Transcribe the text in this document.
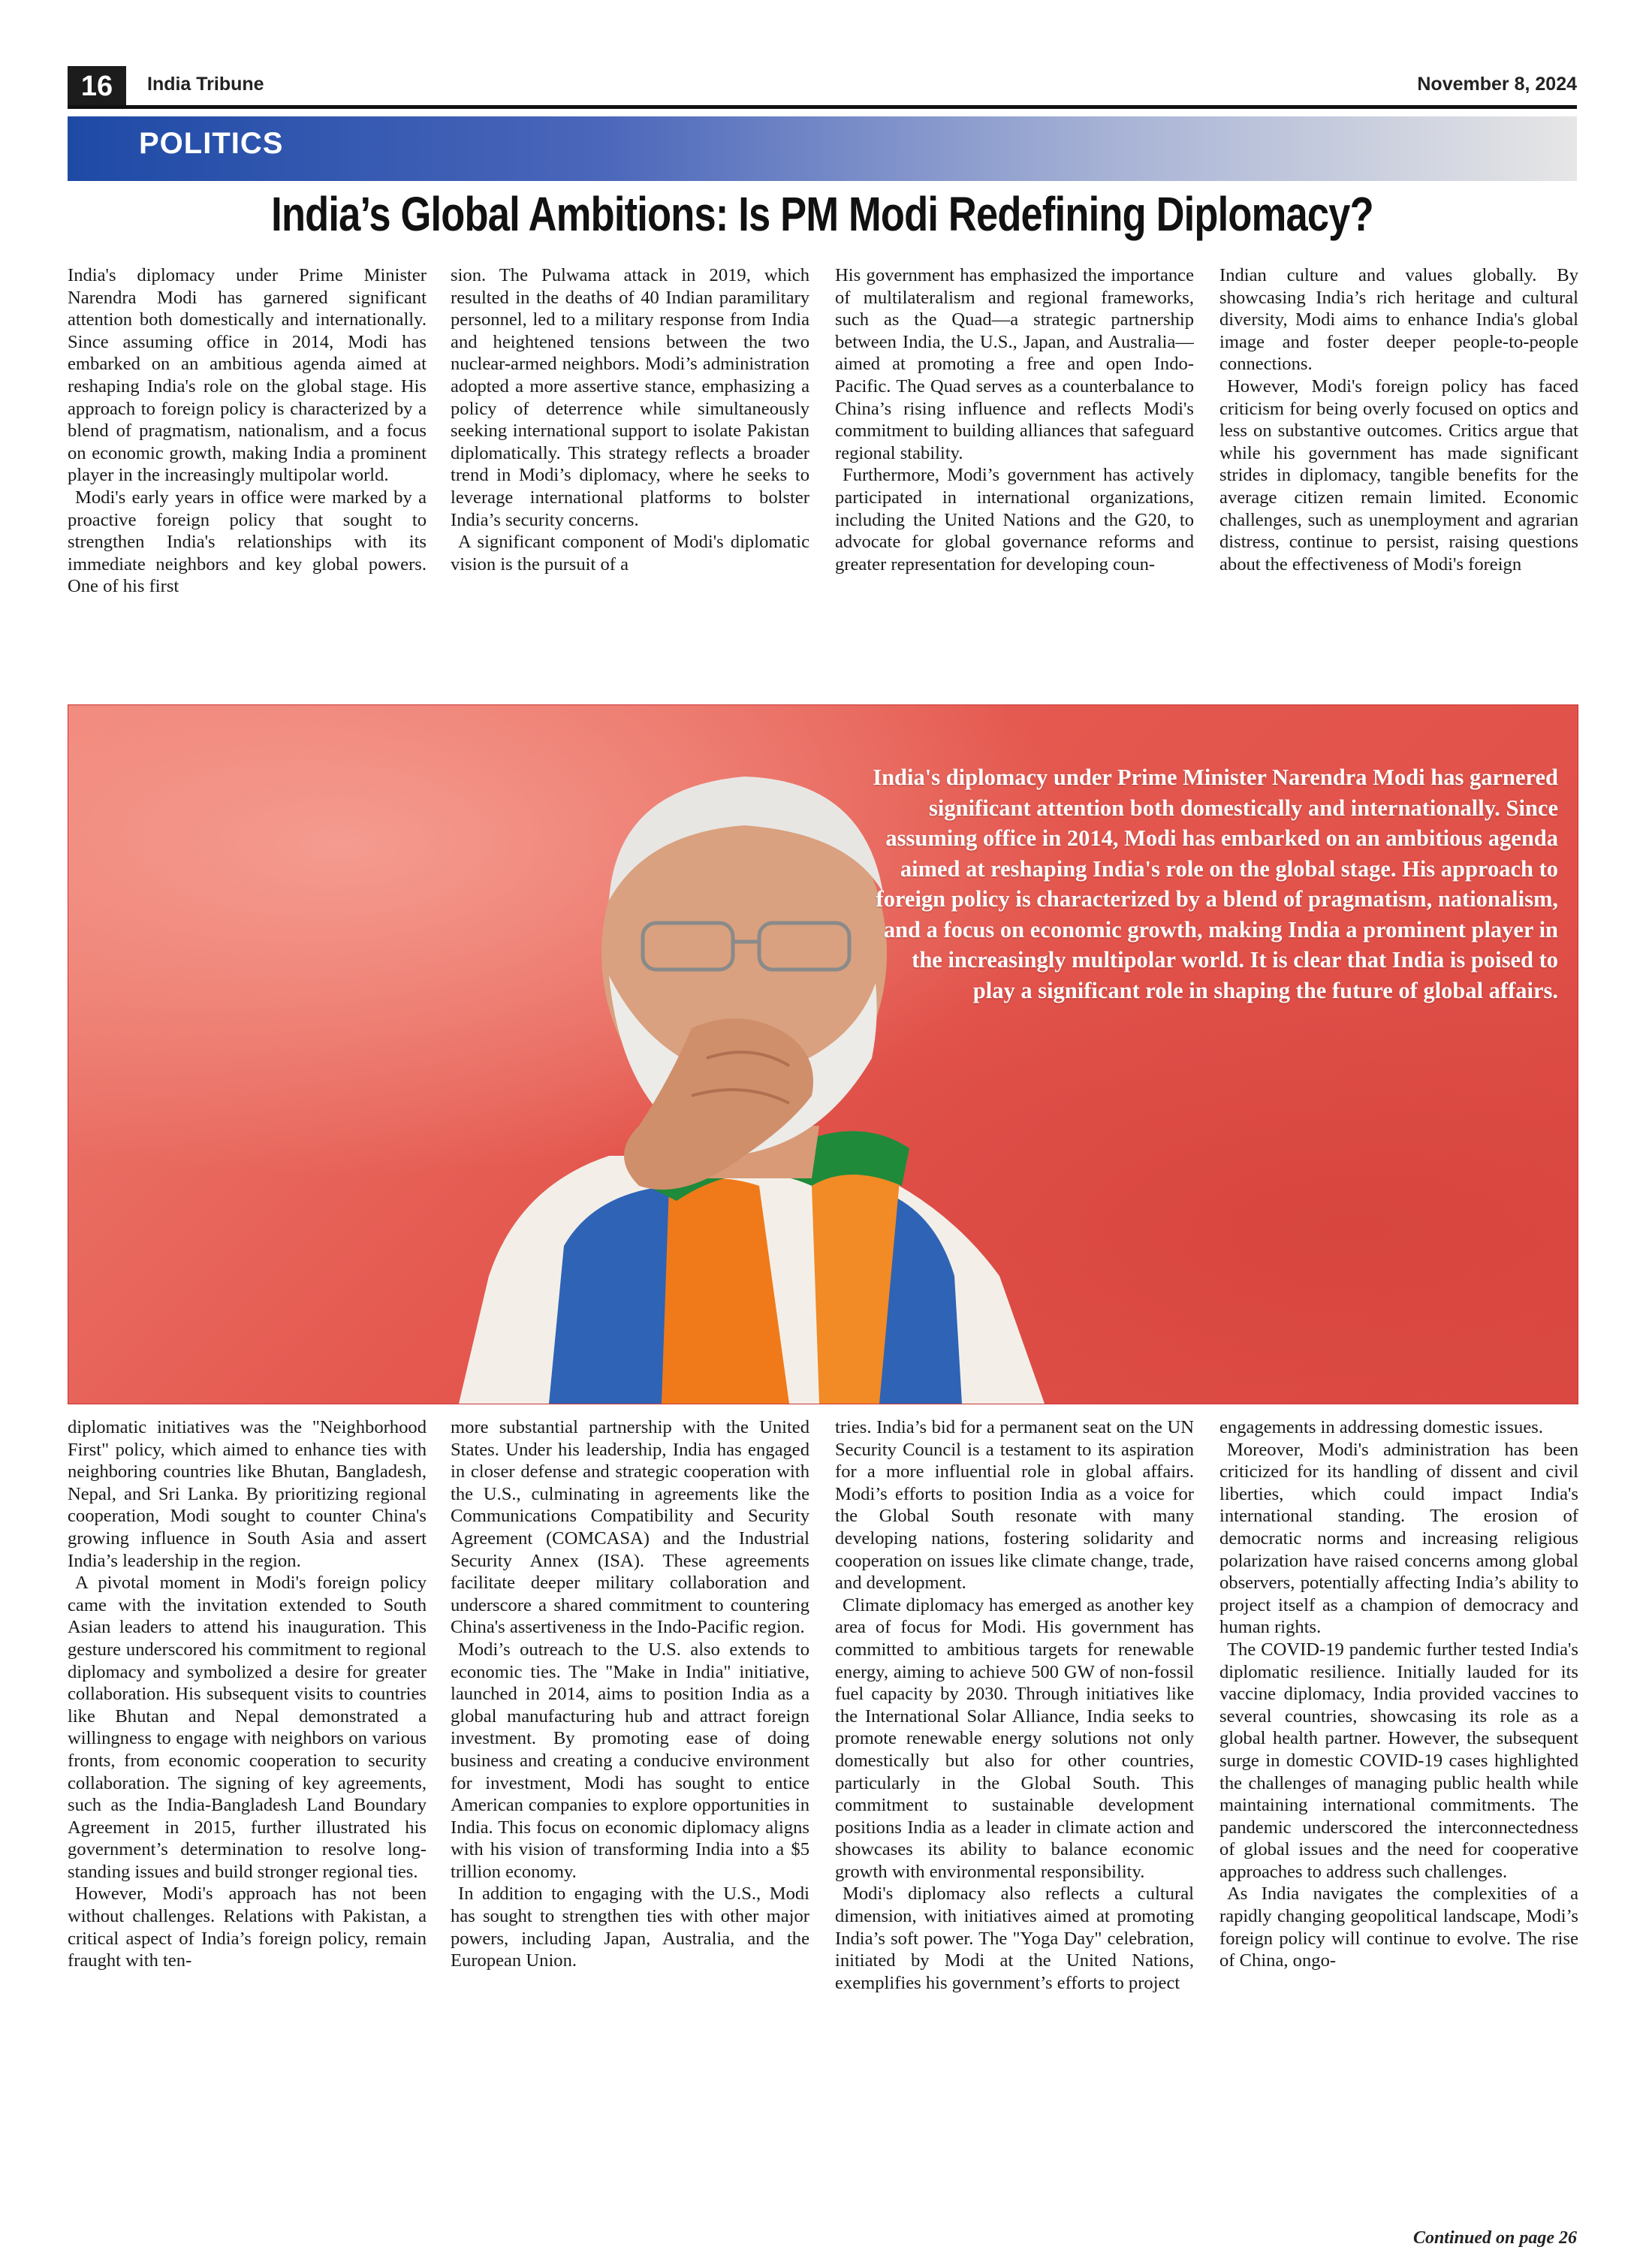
16	India Tribune	November 8, 2024
POLITICS
India’s Global Ambitions: Is PM Modi Redefining Diplomacy?

India's diplomacy under Prime Minister Narendra Modi has garnered significant attention both domestically and internationally. Since assuming office in 2014, Modi has embarked on an ambitious agenda aimed at reshaping India's role on the global stage. His approach to foreign policy is characterized by a blend of pragmatism, nationalism, and a focus on economic growth, making India a prominent player in the increasingly multipolar world.

Modi's early years in office were marked by a proactive foreign policy that sought to strengthen India's relationships with its immediate neighbors and key global powers. One of his first

sion. The Pulwama attack in 2019, which resulted in the deaths of 40 Indian paramilitary personnel, led to a military response from India and heightened tensions between the two nuclear-armed neighbors. Modi’s administration adopted a more assertive stance, emphasizing a policy of deterrence while simultaneously seeking international support to isolate Pakistan diplomatically. This strategy reflects a broader trend in Modi’s diplomacy, where he seeks to leverage international platforms to bolster India’s security concerns.

A significant component of Modi's diplomatic vision is the pursuit of a

His government has emphasized the importance of multilateralism and regional frameworks, such as the Quad—a strategic partnership between India, the U.S., Japan, and Australia—aimed at promoting a free and open Indo-Pacific. The Quad serves as a counterbalance to China’s rising influence and reflects Modi's commitment to building alliances that safeguard regional stability.

Furthermore, Modi’s government has actively participated in international organizations, including the United Nations and the G20, to advocate for global governance reforms and greater representation for developing coun-

Indian culture and values globally. By showcasing India’s rich heritage and cultural diversity, Modi aims to enhance India's global image and foster deeper people-to-people connections.

However, Modi's foreign policy has faced criticism for being overly focused on optics and less on substantive outcomes. Critics argue that while his government has made significant strides in diplomacy, tangible benefits for the average citizen remain limited. Economic challenges, such as unemployment and agrarian distress, continue to persist, raising questions about the effectiveness of Modi's foreign

India's diplomacy under Prime Minister Narendra Modi has garnered significant attention both domestically and internationally. Since assuming office in 2014, Modi has embarked on an ambitious agenda aimed at reshaping India's role on the global stage. His approach to foreign policy is characterized by a blend of pragmatism, nationalism, and a focus on economic growth, making India a prominent player in the increasingly multipolar world. It is clear that India is poised to play a significant role in shaping the future of global affairs.

diplomatic initiatives was the "Neighborhood First" policy, which aimed to enhance ties with neighboring countries like Bhutan, Bangladesh, Nepal, and Sri Lanka. By prioritizing regional cooperation, Modi sought to counter China's growing influence in South Asia and assert India’s leadership in the region.

A pivotal moment in Modi's foreign policy came with the invitation extended to South Asian leaders to attend his inauguration. This gesture underscored his commitment to regional diplomacy and symbolized a desire for greater collaboration. His subsequent visits to countries like Bhutan and Nepal demonstrated a willingness to engage with neighbors on various fronts, from economic cooperation to security collaboration. The signing of key agreements, such as the India-Bangladesh Land Boundary Agreement in 2015, further illustrated his government’s determination to resolve long-standing issues and build stronger regional ties.

However, Modi's approach has not been without challenges. Relations with Pakistan, a critical aspect of India’s foreign policy, remain fraught with ten-

more substantial partnership with the United States. Under his leadership, India has engaged in closer defense and strategic cooperation with the U.S., culminating in agreements like the Communications Compatibility and Security Agreement (COMCASA) and the Industrial Security Annex (ISA). These agreements facilitate deeper military collaboration and underscore a shared commitment to countering China's assertiveness in the Indo-Pacific region.

Modi’s outreach to the U.S. also extends to economic ties. The "Make in India" initiative, launched in 2014, aims to position India as a global manufacturing hub and attract foreign investment. By promoting ease of doing business and creating a conducive environment for investment, Modi has sought to entice American companies to explore opportunities in India. This focus on economic diplomacy aligns with his vision of transforming India into a $5 trillion economy.

In addition to engaging with the U.S., Modi has sought to strengthen ties with other major powers, including Japan, Australia, and the European Union.

tries. India’s bid for a permanent seat on the UN Security Council is a testament to its aspiration for a more influential role in global affairs. Modi’s efforts to position India as a voice for the Global South resonate with many developing nations, fostering solidarity and cooperation on issues like climate change, trade, and development.

Climate diplomacy has emerged as another key area of focus for Modi. His government has committed to ambitious targets for renewable energy, aiming to achieve 500 GW of non-fossil fuel capacity by 2030. Through initiatives like the International Solar Alliance, India seeks to promote renewable energy solutions not only domestically but also for other countries, particularly in the Global South. This commitment to sustainable development positions India as a leader in climate action and showcases its ability to balance economic growth with environmental responsibility.

Modi's diplomacy also reflects a cultural dimension, with initiatives aimed at promoting India’s soft power. The "Yoga Day" celebration, initiated by Modi at the United Nations, exemplifies his government’s efforts to project

engagements in addressing domestic issues.

Moreover, Modi's administration has been criticized for its handling of dissent and civil liberties, which could impact India's international standing. The erosion of democratic norms and increasing religious polarization have raised concerns among global observers, potentially affecting India’s ability to project itself as a champion of democracy and human rights.

The COVID-19 pandemic further tested India's diplomatic resilience. Initially lauded for its vaccine diplomacy, India provided vaccines to several countries, showcasing its role as a global health partner. However, the subsequent surge in domestic COVID-19 cases highlighted the challenges of managing public health while maintaining international commitments. The pandemic underscored the interconnectedness of global issues and the need for cooperative approaches to address such challenges.

As India navigates the complexities of a rapidly changing geopolitical landscape, Modi’s foreign policy will continue to evolve. The rise of China, ongo-

Continued on page 26
